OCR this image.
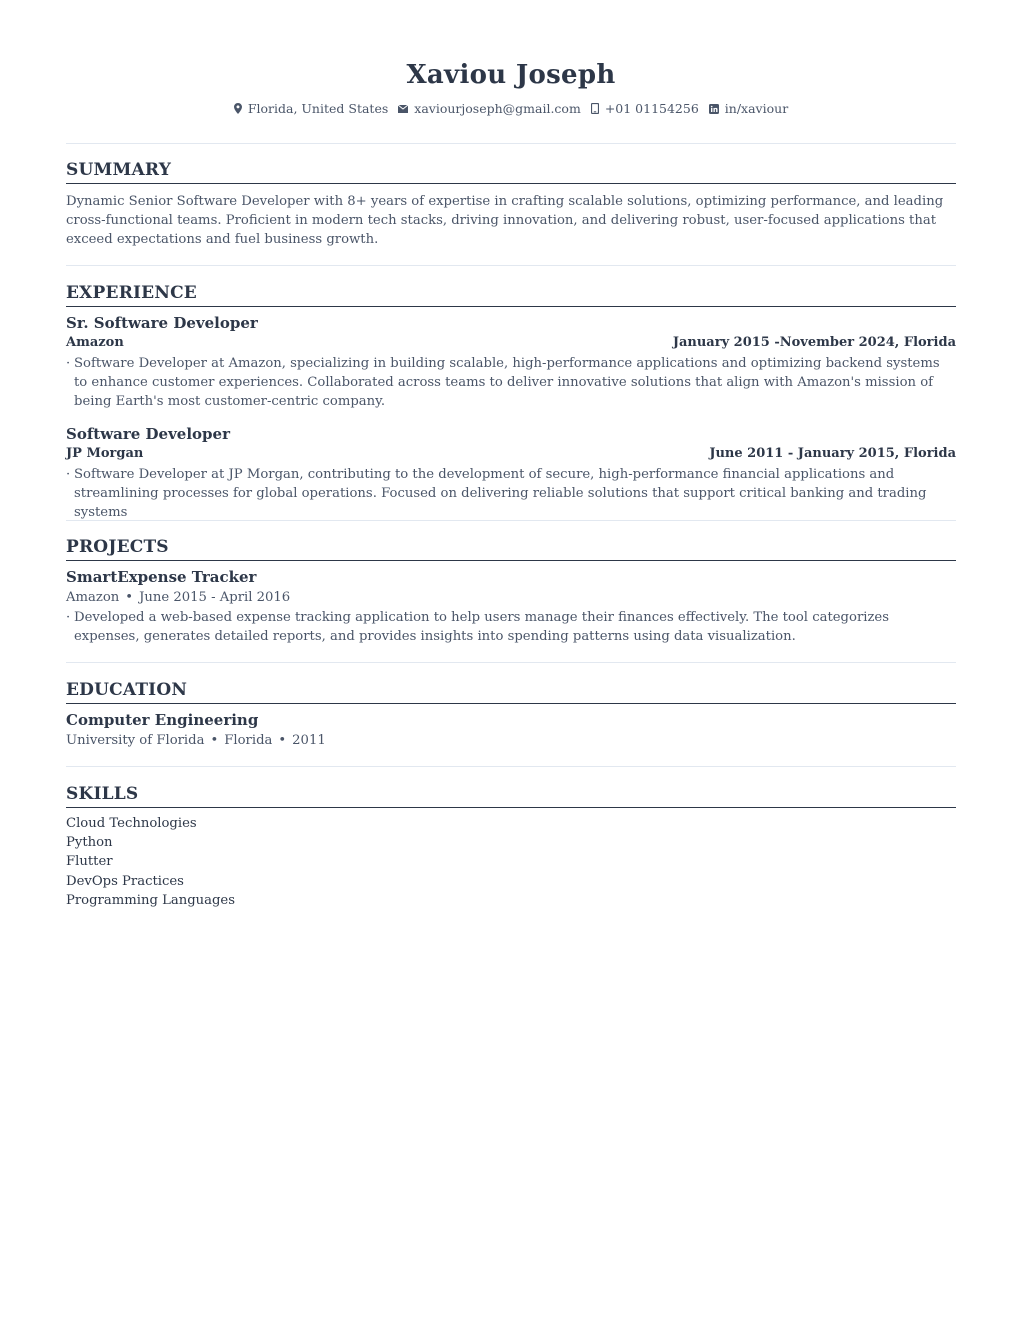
Xaviou Joseph
Florida, United States xaviourjoseph@gmail.com +01 01154256 in/xaviour
SUMMARY
Dynamic Senior Software Developer with 8+ years of expertise in crafting scalable solutions, optimizing performance, and leading cross-functional teams. Proficient in modern tech stacks, driving innovation, and delivering robust, user-focused applications that exceed expectations and fuel business growth.
EXPERIENCE
Sr. Software Developer
Amazon	January 2015 -November 2024, Florida
· Software Developer at Amazon, specializing in building scalable, high-performance applications and optimizing backend systems to enhance customer experiences. Collaborated across teams to deliver innovative solutions that align with Amazon's mission of being Earth's most customer-centric company.
Software Developer
JP Morgan	June 2011 - January 2015, Florida
· Software Developer at JP Morgan, contributing to the development of secure, high-performance financial applications and streamlining processes for global operations. Focused on delivering reliable solutions that support critical banking and trading systems
PROJECTS
SmartExpense Tracker
Amazon • June 2015 - April 2016
· Developed a web-based expense tracking application to help users manage their finances effectively. The tool categorizes expenses, generates detailed reports, and provides insights into spending patterns using data visualization.
EDUCATION
Computer Engineering
University of Florida • Florida • 2011
SKILLS
Cloud Technologies
Python
Flutter
DevOps Practices
Programming Languages
